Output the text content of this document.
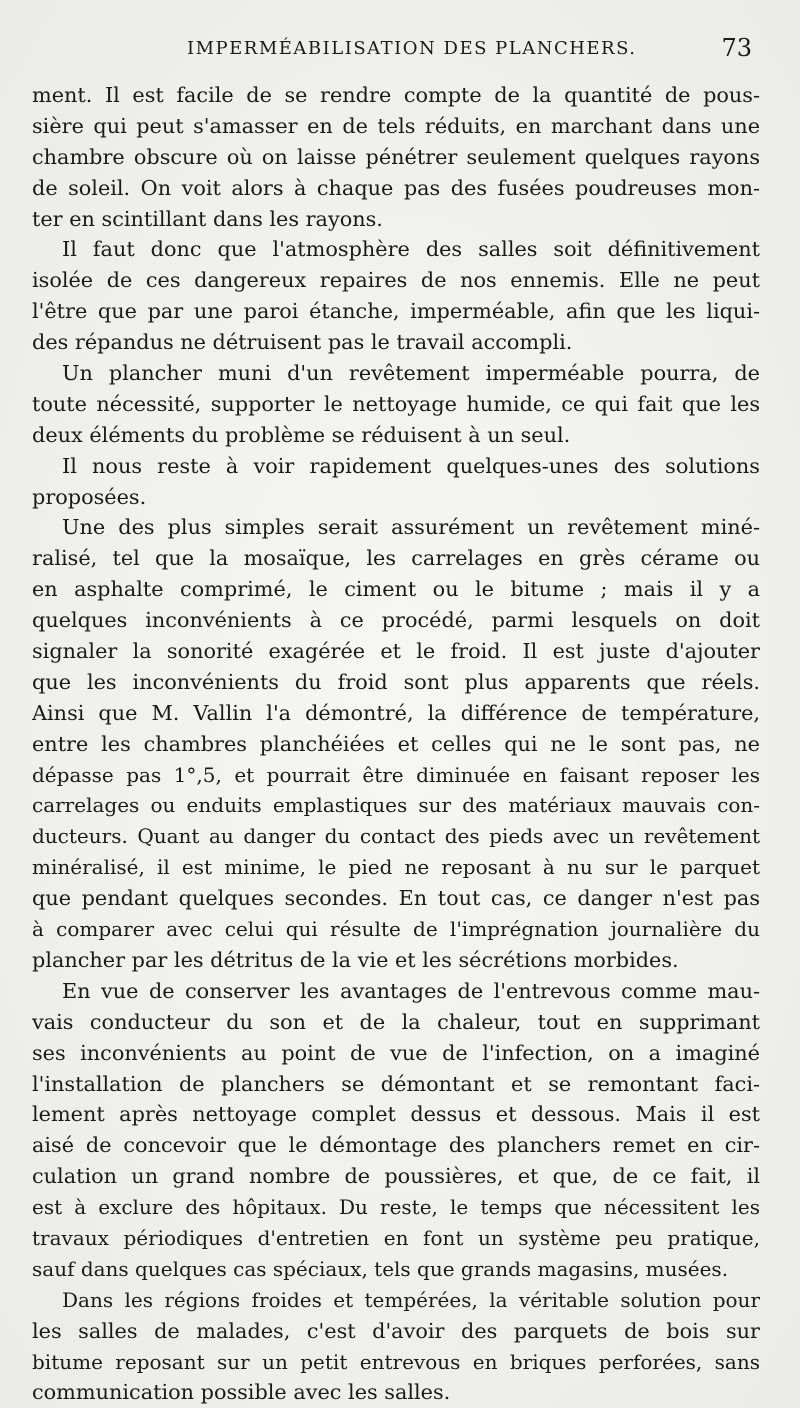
IMPERMÉABILISATION DES PLANCHERS.	73
ment. Il est facile de se rendre compte de la quantité de pous-
sière qui peut s'amasser en de tels réduits, en marchant dans une
chambre obscure où on laisse pénétrer seulement quelques rayons
de soleil. On voit alors à chaque pas des fusées poudreuses mon-
ter en scintillant dans les rayons.
Il faut donc que l'atmosphère des salles soit définitivement
isolée de ces dangereux repaires de nos ennemis. Elle ne peut
l'être que par une paroi étanche, imperméable, afin que les liqui-
des répandus ne détruisent pas le travail accompli.
Un plancher muni d'un revêtement imperméable pourra, de
toute nécessité, supporter le nettoyage humide, ce qui fait que les
deux éléments du problème se réduisent à un seul.
Il nous reste à voir rapidement quelques-unes des solutions
proposées.
Une des plus simples serait assurément un revêtement miné-
ralisé, tel que la mosaïque, les carrelages en grès cérame ou
en asphalte comprimé, le ciment ou le bitume ; mais il y a
quelques inconvénients à ce procédé, parmi lesquels on doit
signaler la sonorité exagérée et le froid. Il est juste d'ajouter
que les inconvénients du froid sont plus apparents que réels.
Ainsi que M. Vallin l'a démontré, la différence de température,
entre les chambres planchéiées et celles qui ne le sont pas, ne
dépasse pas 1°,5, et pourrait être diminuée en faisant reposer les
carrelages ou enduits emplastiques sur des matériaux mauvais con-
ducteurs. Quant au danger du contact des pieds avec un revêtement
minéralisé, il est minime, le pied ne reposant à nu sur le parquet
que pendant quelques secondes. En tout cas, ce danger n'est pas
à comparer avec celui qui résulte de l'imprégnation journalière du
plancher par les détritus de la vie et les sécrétions morbides.
En vue de conserver les avantages de l'entrevous comme mau-
vais conducteur du son et de la chaleur, tout en supprimant
ses inconvénients au point de vue de l'infection, on a imaginé
l'installation de planchers se démontant et se remontant faci-
lement après nettoyage complet dessus et dessous. Mais il est
aisé de concevoir que le démontage des planchers remet en cir-
culation un grand nombre de poussières, et que, de ce fait, il
est à exclure des hôpitaux. Du reste, le temps que nécessitent les
travaux périodiques d'entretien en font un système peu pratique,
sauf dans quelques cas spéciaux, tels que grands magasins, musées.
Dans les régions froides et tempérées, la véritable solution pour
les salles de malades, c'est d'avoir des parquets de bois sur
bitume reposant sur un petit entrevous en briques perforées, sans
communication possible avec les salles.
